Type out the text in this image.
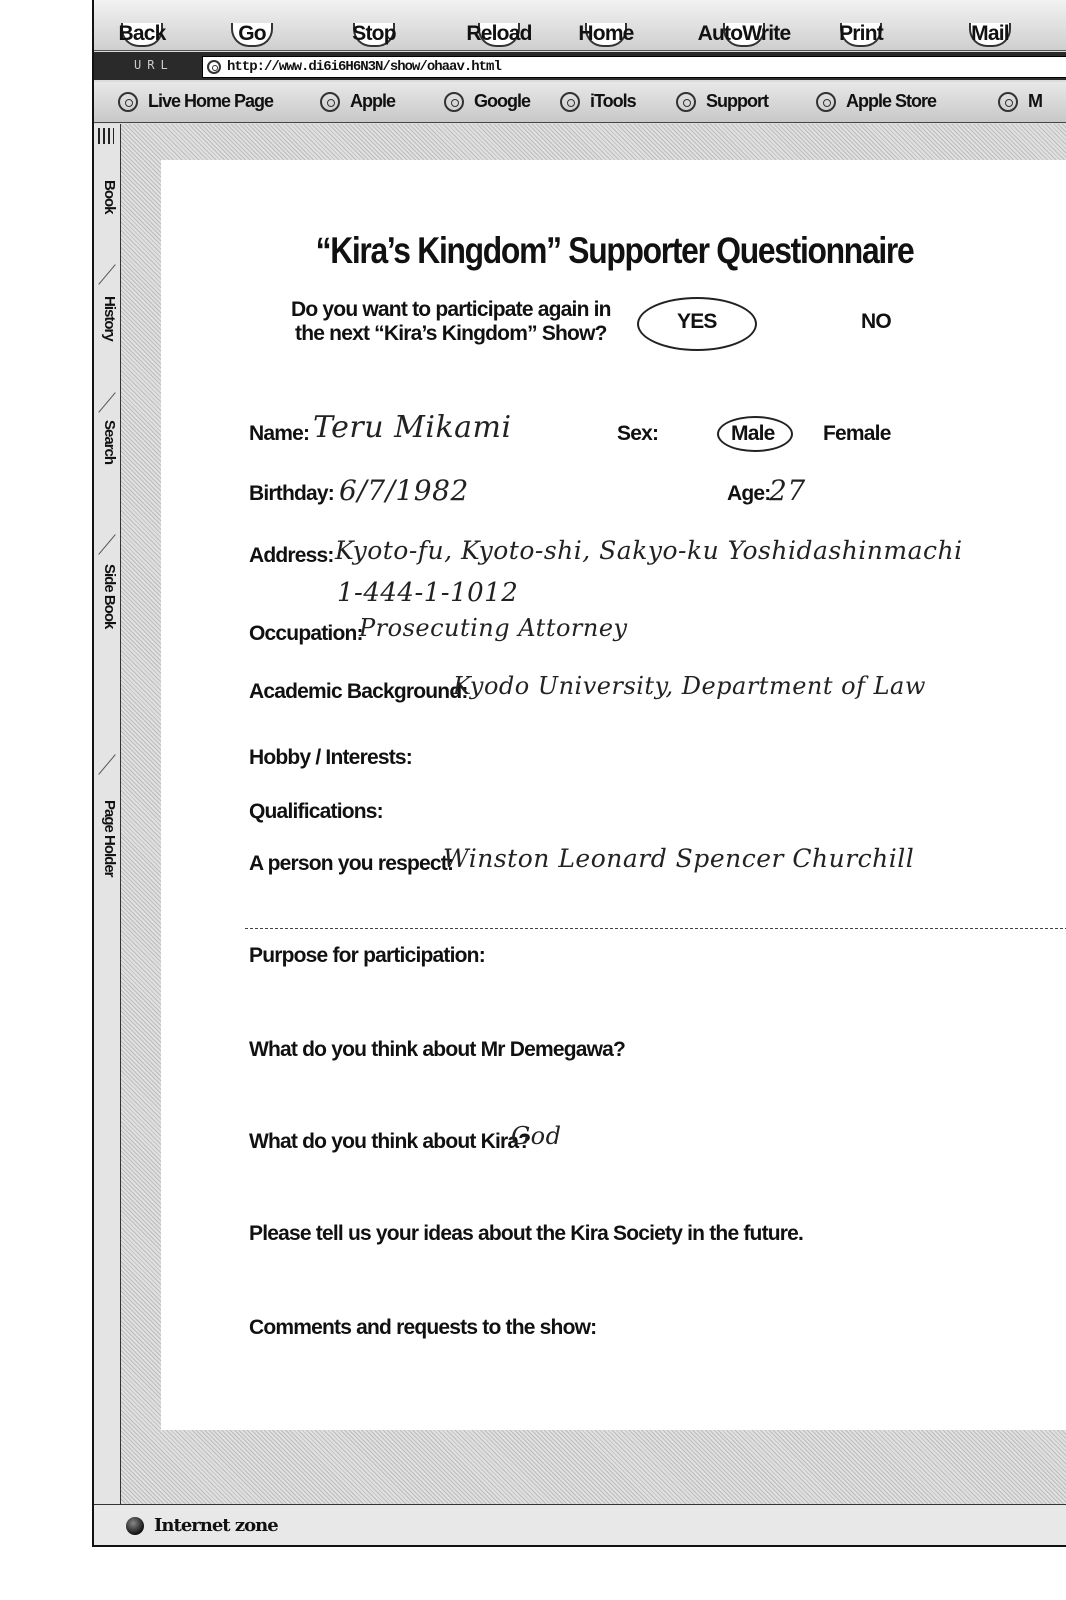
Back	Go	Stop	Reload Home	AutoWrite Print	Mail
URL	http://www.di6i6H6N3N/show/ohaav.html
Live Home Page	Apple	Google	iTools	Support	Apple Store	M
Book
History
Search
Side Book
Page Holder
“Kira’s Kingdom” Supporter Questionnaire
Do you want to participate again in
the next “Kira’s Kingdom” Show?
YES	NO
Name: Teru Mikami	Sex:	Male Female
Birthday: 6/7/1982	Age:
27
Address: Kyoto-fu, Kyoto-shi, Sakyo-ku Yoshidashinmachi
1-444-1-1012
Occupation:
Prosecuting Attorney
Academic Background:
Kyodo University, Department of Law
Hobby / Interests:
Qualifications:
A person you respect:
Winston Leonard Spencer Churchill
Purpose for participation:
What do you think about Mr Demegawa?
What do you think about Kira?
God
Please tell us your ideas about the Kira Society in the future.
Comments and requests to the show:
Internet zone
